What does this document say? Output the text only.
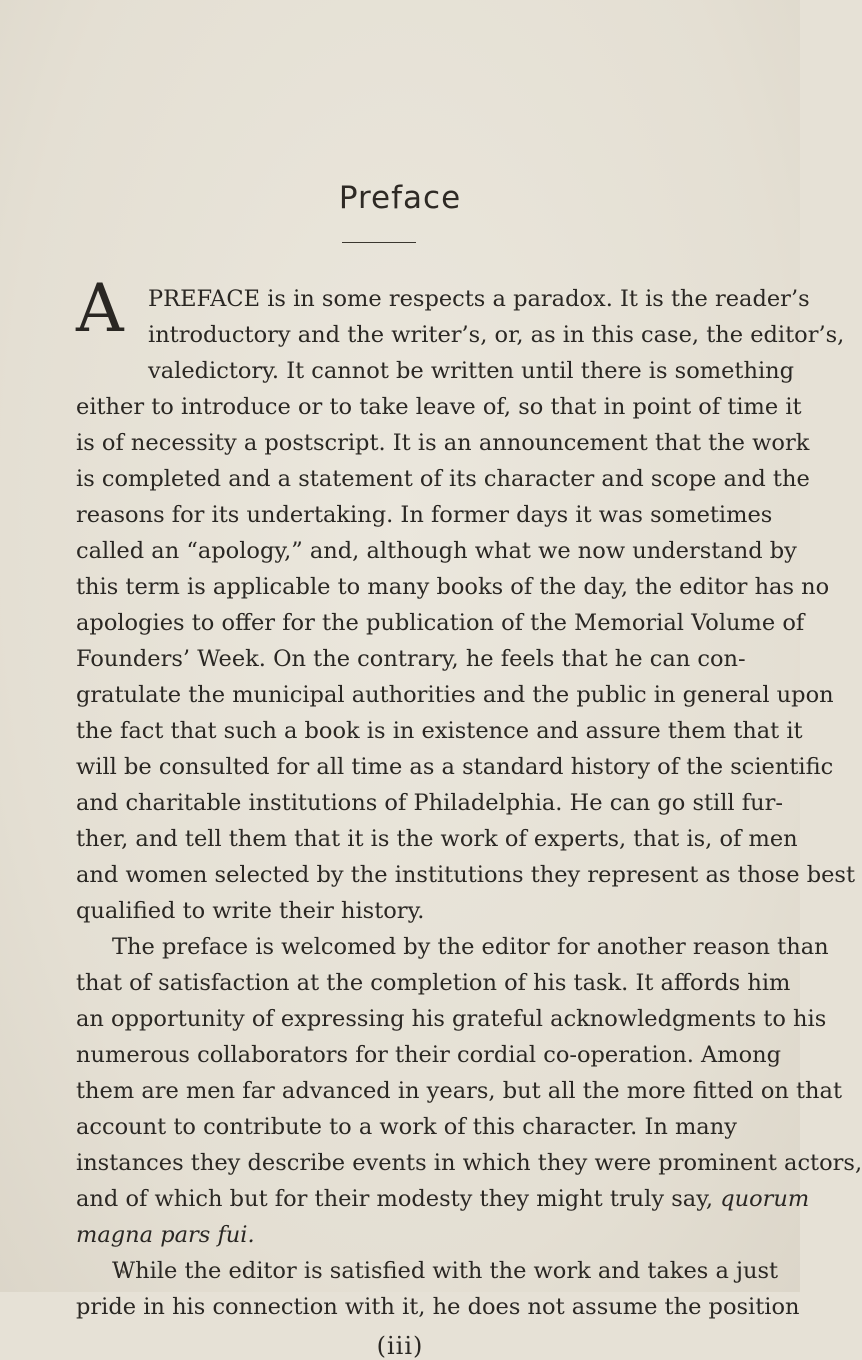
Preface
A PREFACE is in some respects a paradox. It is the reader’s
introductory and the writer’s, or, as in this case, the editor’s,
valedictory. It cannot be written until there is something
either to introduce or to take leave of, so that in point of time it
is of necessity a postscript. It is an announcement that the work
is completed and a statement of its character and scope and the
reasons for its undertaking. In former days it was sometimes
called an “apology,” and, although what we now understand by
this term is applicable to many books of the day, the editor has no
apologies to offer for the publication of the Memorial Volume of
Founders’ Week. On the contrary, he feels that he can con-
gratulate the municipal authorities and the public in general upon
the fact that such a book is in existence and assure them that it
will be consulted for all time as a standard history of the scientific
and charitable institutions of Philadelphia. He can go still fur-
ther, and tell them that it is the work of experts, that is, of men
and women selected by the institutions they represent as those best
qualified to write their history.
The preface is welcomed by the editor for another reason than
that of satisfaction at the completion of his task. It affords him
an opportunity of expressing his grateful acknowledgments to his
numerous collaborators for their cordial co-operation. Among
them are men far advanced in years, but all the more fitted on that
(iii)
account to contribute to a work of this character. In many
instances they describe events in which they were prominent actors,
and of which but for their modesty they might truly say, quorum
magna pars fui.
While the editor is satisfied with the work and takes a just
pride in his connection with it, he does not assume the position
